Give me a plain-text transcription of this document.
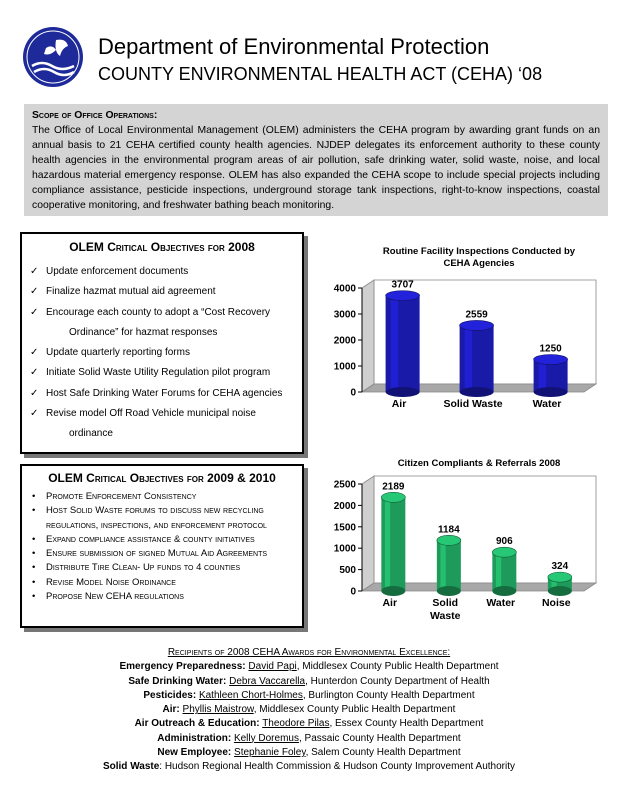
Department of Environmental Protection
COUNTY ENVIRONMENTAL HEALTH ACT (CEHA) ‘08
Scope of Office Operations:

The Office of Local Environmental Management (OLEM) administers the CEHA program by awarding grant funds on an annual basis to 21 CEHA certified county health agencies. NJDEP delegates its enforcement authority to these county health agencies in the environmental program areas of air pollution, safe drinking water, solid waste, noise, and local hazardous material emergency response. OLEM has also expanded the CEHA scope to include special projects including compliance assistance, pesticide inspections, underground storage tank inspections, right-to-know inspections, coastal cooperative monitoring, and freshwater bathing beach monitoring.

OLEM Critical Objectives for 2008
✓ Update enforcement documents
✓ Finalize hazmat mutual aid agreement
✓ Encourage each county to adopt a “Cost Recovery
Ordinance” for hazmat responses
✓ Update quarterly reporting forms
✓ Initiate Solid Waste Utility Regulation pilot program
✓ Host Safe Drinking Water Forums for CEHA agencies
✓ Revise model Off Road Vehicle municipal noise
ordinance
OLEM Critical Objectives for 2009 & 2010
• Promote Enforcement Consistency
• Host Solid Waste forums to discuss new recycling regulations, inspections, and enforcement protocol
• Expand compliance assistance & county initiatives
• Ensure submission of signed Mutual Aid Agreements
• Distribute Tire Clean- Up funds to 4 counties
• Revise Model Noise Ordinance
• Propose New CEHA regulations
Routine Facility Inspections Conducted by CEHA Agencies
0
1000
2000
3000
4000	3707
Air
2559
Solid Waste
1250
Water
Citizen Compliants & Referrals 2008
0
500
1000
1500
2000
2500	2189
Air
1184
Solid Waste
906
Water
324
Noise
Recipients of 2008 CEHA Awards for Environmental Excellence:
Emergency Preparedness: David Papi, Middlesex County Public Health Department
Safe Drinking Water: Debra Vaccarella, Hunterdon County Department of Health
Pesticides: Kathleen Chort-Holmes, Burlington County Health Department
Air: Phyllis Maistrow, Middlesex County Public Health Department
Air Outreach & Education: Theodore Pilas, Essex County Health Department
Administration: Kelly Doremus, Passaic County Health Department
New Employee: Stephanie Foley, Salem County Health Department
Solid Waste: Hudson Regional Health Commission & Hudson County Improvement Authority
